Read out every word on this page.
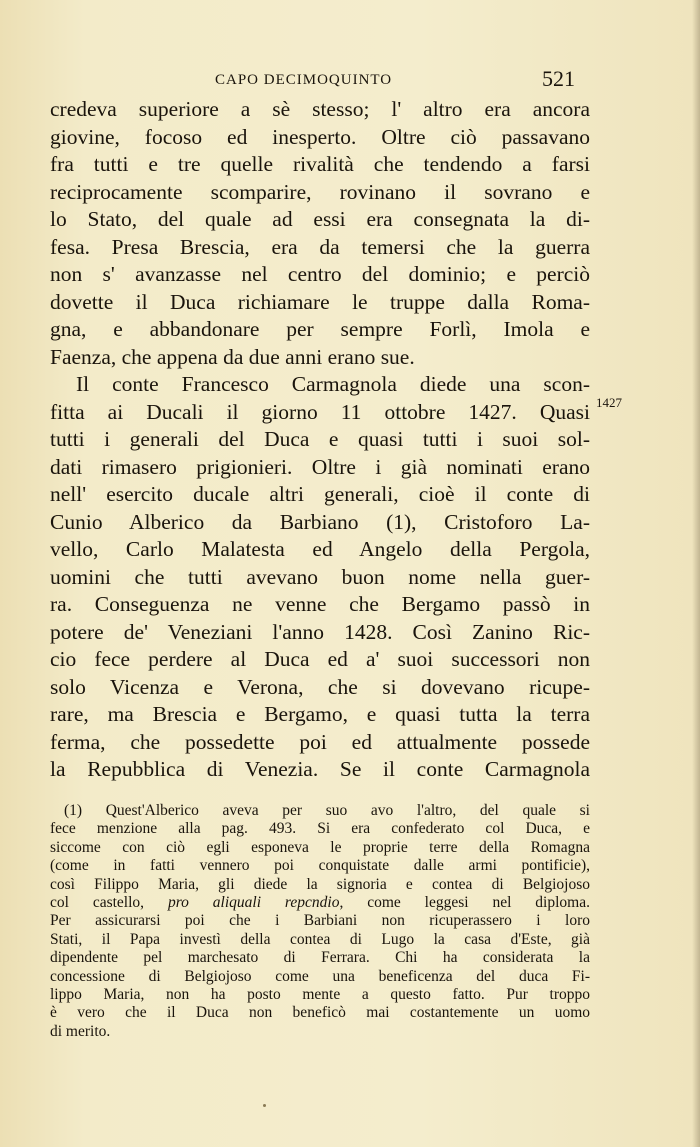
CAPO DECIMOQUINTO	521
credeva superiore a sè stesso; l' altro era ancora
giovine, focoso ed inesperto. Oltre ciò passavano
fra tutti e tre quelle rivalità che tendendo a farsi
reciprocamente scomparire, rovinano il sovrano e
lo Stato, del quale ad essi era consegnata la di-
fesa. Presa Brescia, era da temersi che la guerra
non s' avanzasse nel centro del dominio; e perciò
dovette il Duca richiamare le truppe dalla Roma-
gna, e abbandonare per sempre Forlì, Imola e
Faenza, che appena da due anni erano sue.
Il conte Francesco Carmagnola diede una scon-
fitta ai Ducali il giorno 11 ottobre 1427. Quasi
tutti i generali del Duca e quasi tutti i suoi sol-
dati rimasero prigionieri. Oltre i già nominati erano
nell' esercito ducale altri generali, cioè il conte di
Cunio Alberico da Barbiano (1), Cristoforo La-
vello, Carlo Malatesta ed Angelo della Pergola,
uomini che tutti avevano buon nome nella guer-
ra. Conseguenza ne venne che Bergamo passò in
potere de' Veneziani l'anno 1428. Così Zanino Ric-
cio fece perdere al Duca ed a' suoi successori non
solo Vicenza e Verona, che si dovevano ricupe-
rare, ma Brescia e Bergamo, e quasi tutta la terra
ferma, che possedette poi ed attualmente possede
la Repubblica di Venezia. Se il conte Carmagnola
1427
(1) Quest'Alberico aveva per suo avo l'altro, del quale si
fece menzione alla pag. 493. Si era confederato col Duca, e
siccome con ciò egli esponeva le proprie terre della Romagna
(come in fatti vennero poi conquistate dalle armi pontificie),
così Filippo Maria, gli diede la signoria e contea di Belgiojoso
col castello, pro aliquali repcndio, come leggesi nel diploma.
Per assicurarsi poi che i Barbiani non ricuperassero i loro
Stati, il Papa investì della contea di Lugo la casa d'Este, già
dipendente pel marchesato di Ferrara. Chi ha considerata la
concessione di Belgiojoso come una beneficenza del duca Fi-
lippo Maria, non ha posto mente a questo fatto. Pur troppo
è vero che il Duca non beneficò mai costantemente un uomo
di merito.
